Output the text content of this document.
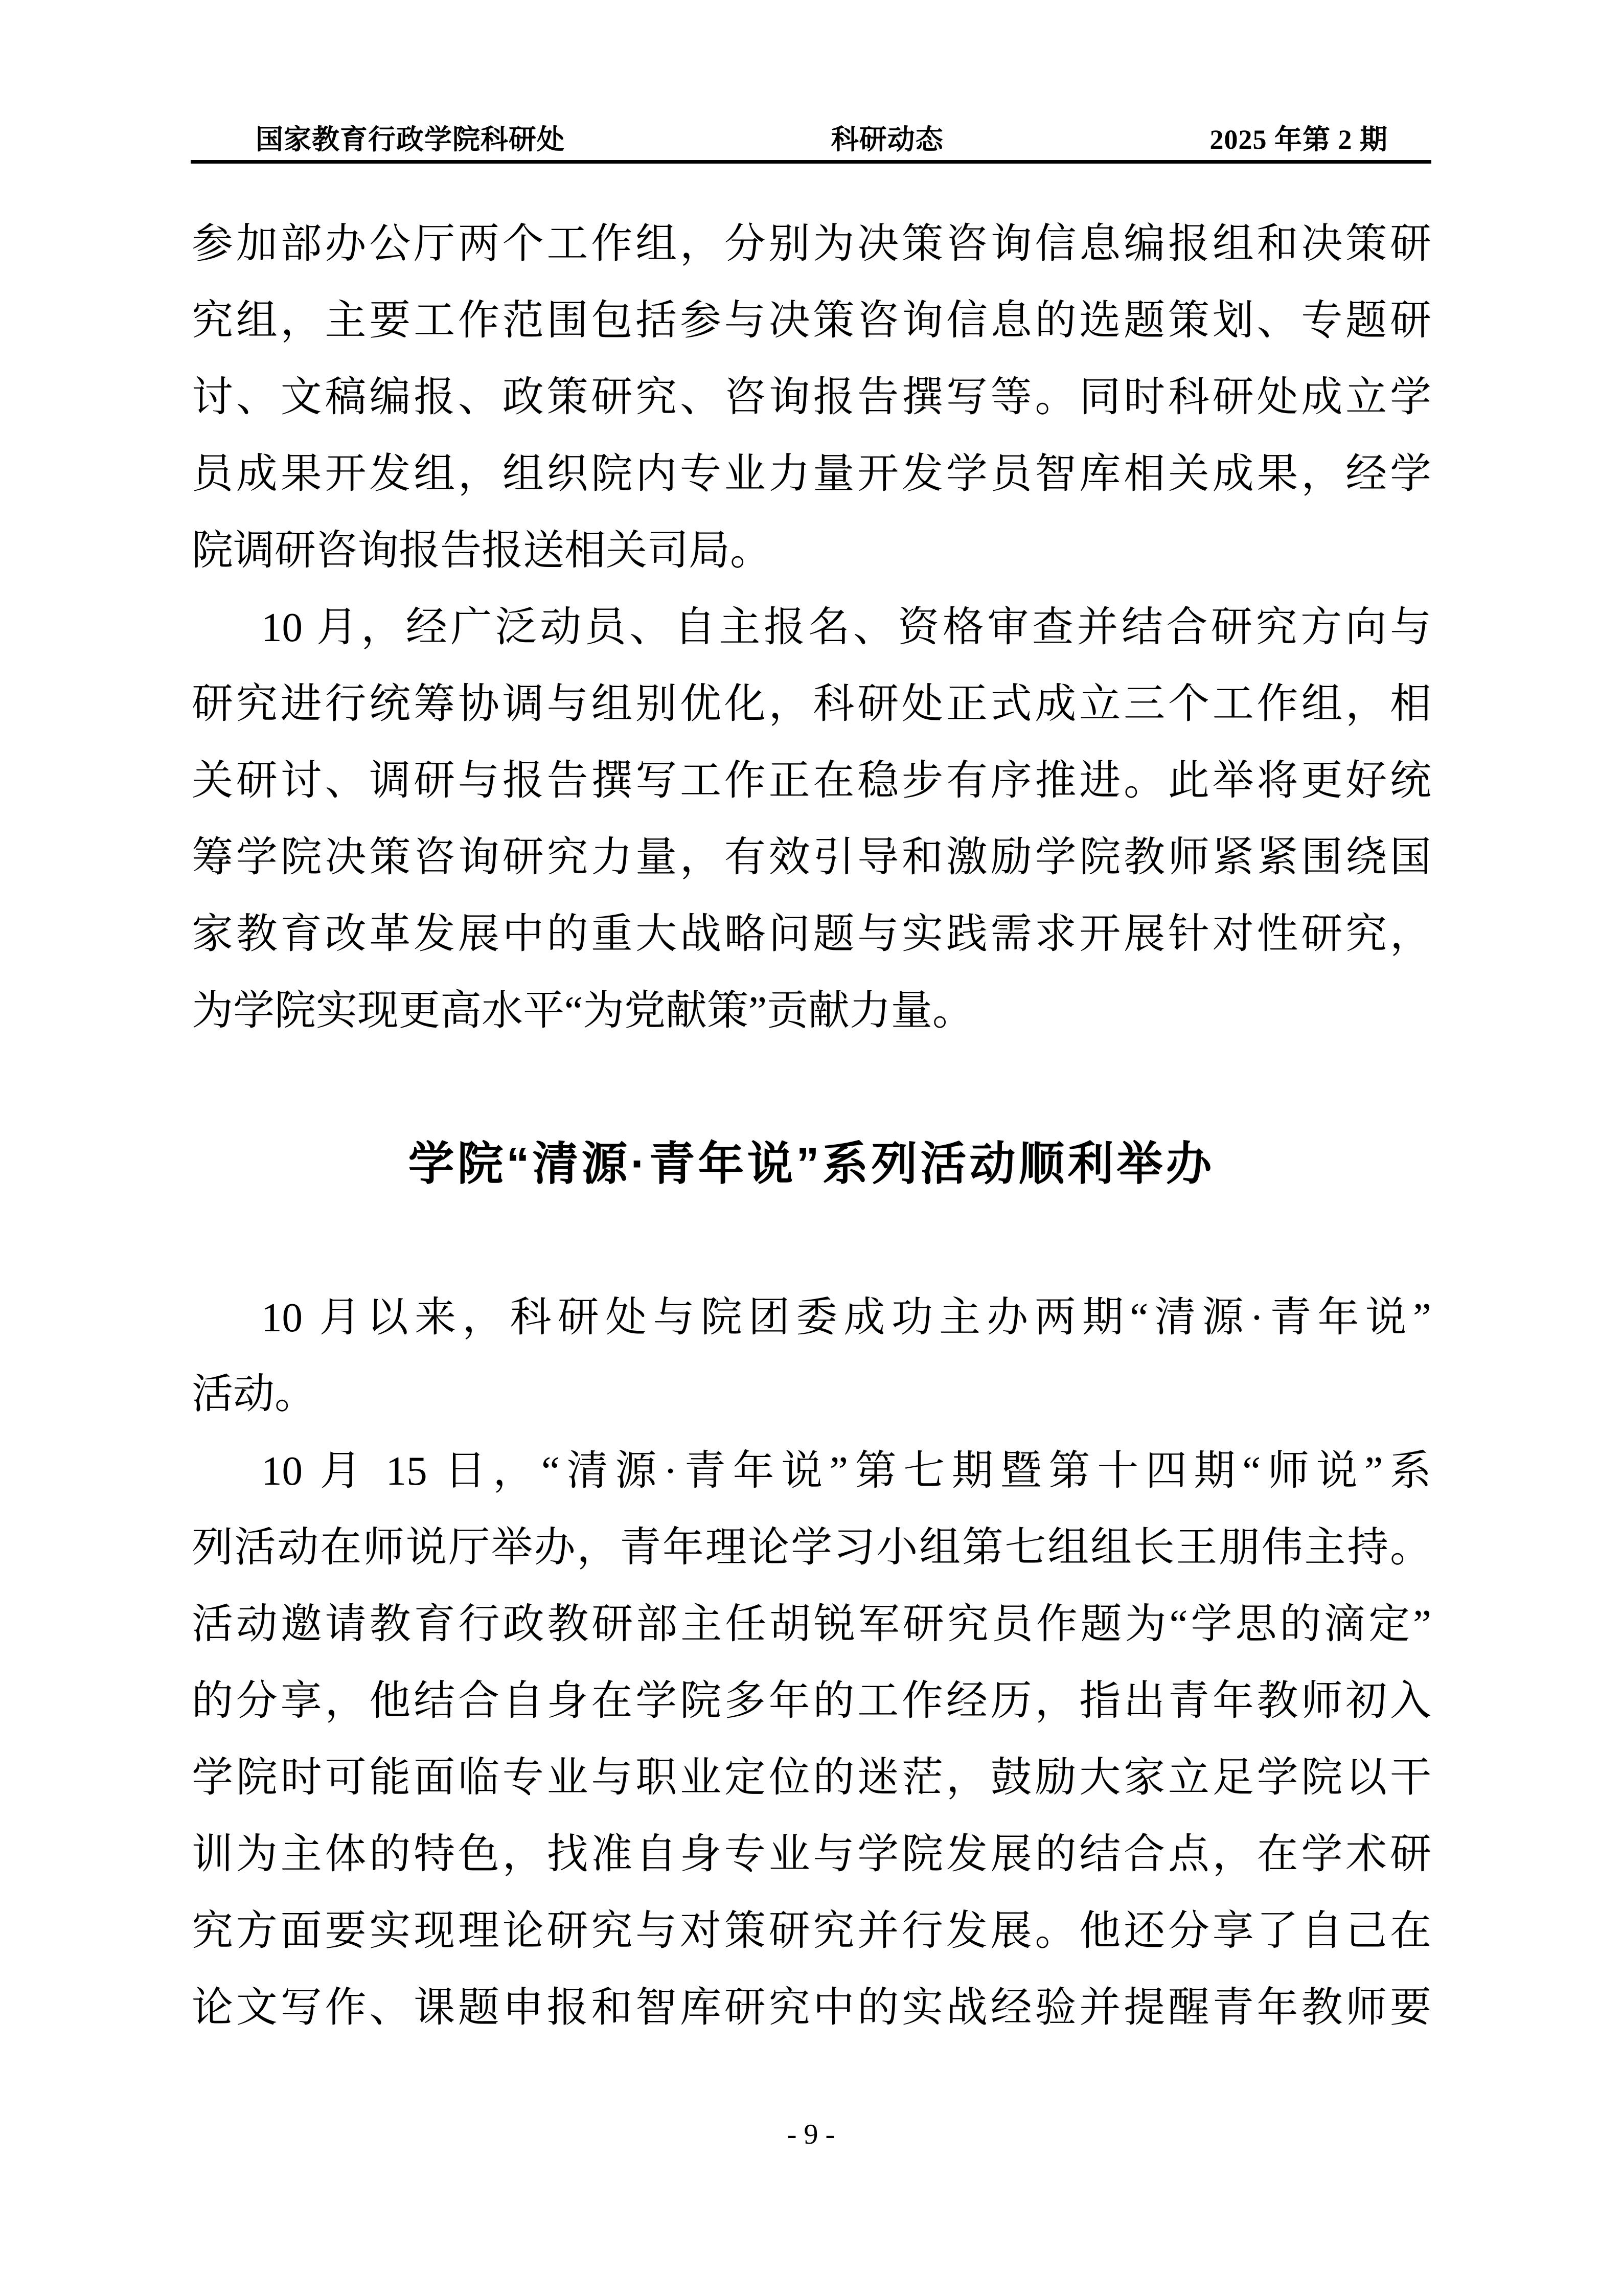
国家教育行政学院科研处	科研动态	2025 年第 2 期
参加部办公厅两个工作组，分别为决策咨询信息编报组和决策研
究组，主要工作范围包括参与决策咨询信息的选题策划、专题研
讨、文稿编报、政策研究、咨询报告撰写等。同时科研处成立学
员成果开发组，组织院内专业力量开发学员智库相关成果，经学
院调研咨询报告报送相关司局。
10 月，经广泛动员、自主报名、资格审查并结合研究方向与
研究进行统筹协调与组别优化，科研处正式成立三个工作组，相
关研讨、调研与报告撰写工作正在稳步有序推进。此举将更好统
筹学院决策咨询研究力量，有效引导和激励学院教师紧紧围绕国
家教育改革发展中的重大战略问题与实践需求开展针对性研究，
为学院实现更高水平“为党献策”贡献力量。
学院“清源·青年说”系列活动顺利举办
10 月以来，科研处与院团委成功主办两期“清源·青年说”
活动。
10 月 15 日，“清源·青年说”第七期暨第十四期“师说”系
列活动在师说厅举办，青年理论学习小组第七组组长王朋伟主持。
活动邀请教育行政教研部主任胡锐军研究员作题为“学思的滴定”
的分享，他结合自身在学院多年的工作经历，指出青年教师初入
学院时可能面临专业与职业定位的迷茫，鼓励大家立足学院以干
训为主体的特色，找准自身专业与学院发展的结合点，在学术研
究方面要实现理论研究与对策研究并行发展。他还分享了自己在
论文写作、课题申报和智库研究中的实战经验并提醒青年教师要
- 9 -
